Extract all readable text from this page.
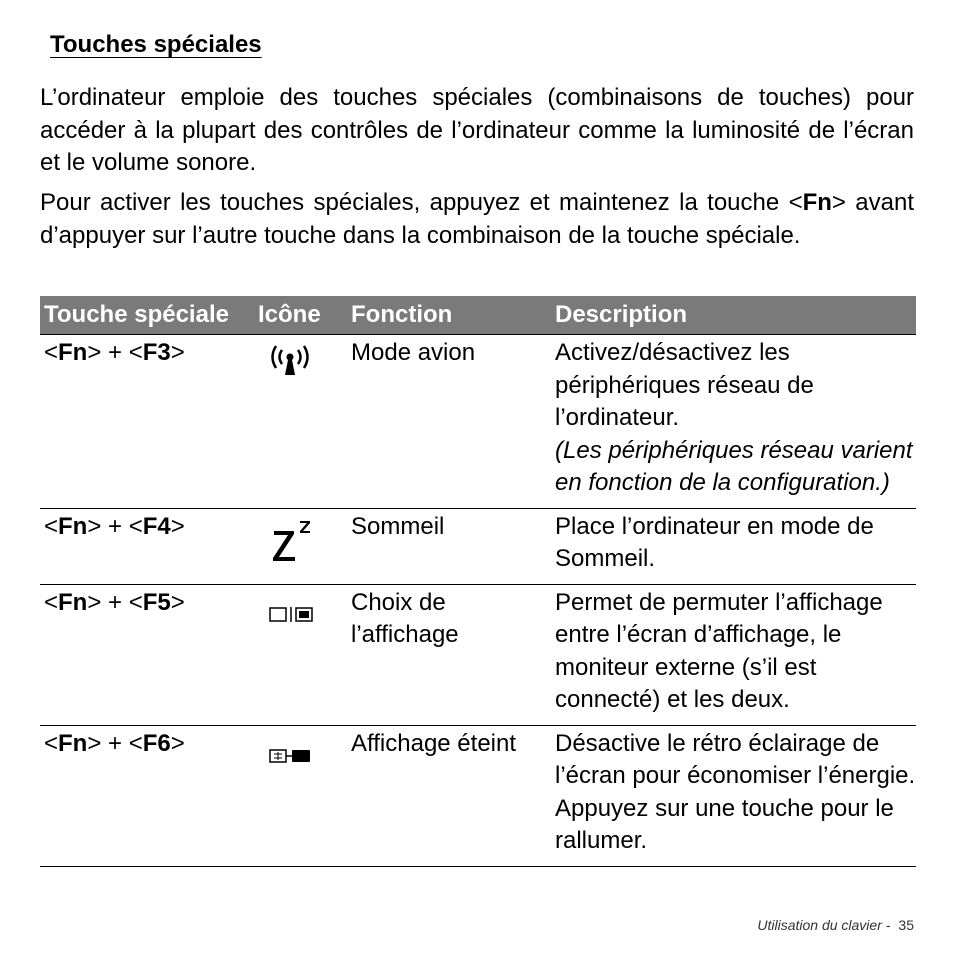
Touches spéciales

L’ordinateur emploie des touches spéciales (combinaisons de touches) pour accéder à la plupart des contrôles de l’ordinateur comme la luminosité de l’écran et le volume sonore.

Pour activer les touches spéciales, appuyez et maintenez la touche <Fn> avant d’appuyer sur l’autre touche dans la combinaison de la touche spéciale.

Touche spéciale	Icône	Fonction	Description
<Fn> + <F3>		Mode avion	Activez/désactivez les périphériques réseau de l’ordinateur.
(Les périphériques réseau varient en fonction de la configuration.)

<Fn> + <F4>		Sommeil	Place l’ordinateur en mode de Sommeil.
<Fn> + <F5>		Choix de l’affichage	Permet de permuter l’affichage entre l’écran d’affichage, le moniteur externe (s’il est connecté) et les deux.
<Fn> + <F6>		Affichage éteint	Désactive le rétro éclairage de l’écran pour économiser l’énergie. Appuyez sur une touche pour le rallumer.
Utilisation du clavier - 35
